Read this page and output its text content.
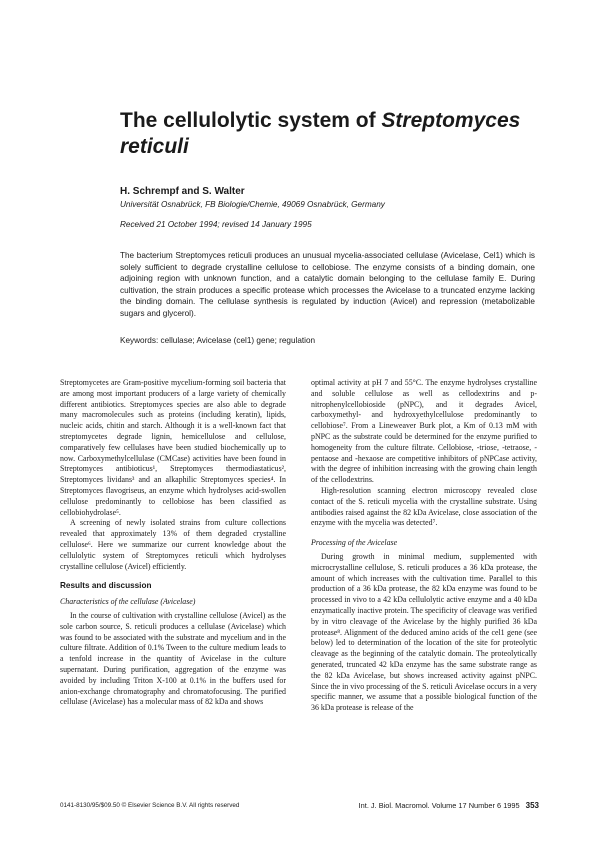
The cellulolytic system of Streptomyces
reticuli
H. Schrempf and S. Walter
Universität Osnabrück, FB Biologie/Chemie, 49069 Osnabrück, Germany
Received 21 October 1994; revised 14 January 1995

The bacterium Streptomyces reticuli produces an unusual mycelia-associated cellulase (Avicelase, Cel1) which is solely sufficient to degrade crystalline cellulose to cellobiose. The enzyme consists of a binding domain, one adjoining region with unknown function, and a catalytic domain belonging to the cellulase family E. During cultivation, the strain produces a specific protease which processes the Avicelase to a truncated enzyme lacking the binding domain. The cellulase synthesis is regulated by induction (Avicel) and repression (metabolizable sugars and glycerol).

Keywords: cellulase; Avicelase (cel1) gene; regulation

Streptomycetes are Gram-positive mycelium-forming soil bacteria that are among most important producers of a large variety of chemically different antibiotics. Streptomyces species are also able to degrade many macromolecules such as proteins (including keratin), lipids, nucleic acids, chitin and starch. Although it is a well-known fact that streptomycetes degrade lignin, hemicellulose and cellulose, comparatively few cellulases have been studied biochemically up to now. Carboxymethylcellulase (CMCase) activities have been found in Streptomyces antibioticus¹, Streptomyces thermodiastaticus², Streptomyces lividans³ and an alkaphilic Streptomyces species⁴. In Streptomyces flavogriseus, an enzyme which hydrolyses acid-swollen cellulose predominantly to cellobiose has been classified as cellobiohydrolase⁵.

A screening of newly isolated strains from culture collections revealed that approximately 13% of them degraded crystalline cellulose⁶. Here we summarize our current knowledge about the cellulolytic system of Streptomyces reticuli which hydrolyses crystalline cellulose (Avicel) efficiently.

Results and discussion
Characteristics of the cellulase (Avicelase)

In the course of cultivation with crystalline cellulose (Avicel) as the sole carbon source, S. reticuli produces a cellulase (Avicelase) which was found to be associated with the substrate and mycelium and in the culture filtrate. Addition of 0.1% Tween to the culture medium leads to a tenfold increase in the quantity of Avicelase in the culture supernatant. During purification, aggregation of the enzyme was avoided by including Triton X-100 at 0.1% in the buffers used for anion-exchange chromatography and chromatofocusing. The purified cellulase (Avicelase) has a molecular mass of 82 kDa and shows

optimal activity at pH 7 and 55°C. The enzyme hydrolyses crystalline and soluble cellulose as well as cellodextrins and p-nitrophenylcellobioside (pNPC), and it degrades Avicel, carboxymethyl- and hydroxyethylcellulose predominantly to cellobiose⁷. From a Lineweaver Burk plot, a Km of 0.13 mM with pNPC as the substrate could be determined for the enzyme purified to homogeneity from the culture filtrate. Cellobiose, -triose, -tetraose, -pentaose and -hexaose are competitive inhibitors of pNPCase activity, with the degree of inhibition increasing with the growing chain length of the cellodextrins.

High-resolution scanning electron microscopy revealed close contact of the S. reticuli mycelia with the crystalline substrate. Using antibodies raised against the 82 kDa Avicelase, close association of the enzyme with the mycelia was detected⁷.

Processing of the Avicelase

During growth in minimal medium, supplemented with microcrystalline cellulose, S. reticuli produces a 36 kDa protease, the amount of which increases with the cultivation time. Parallel to this production of a 36 kDa protease, the 82 kDa enzyme was found to be processed in vivo to a 42 kDa cellulolytic active enzyme and a 40 kDa enzymatically inactive protein. The specificity of cleavage was verified by in vitro cleavage of the Avicelase by the highly purified 36 kDa protease⁸. Alignment of the deduced amino acids of the cel1 gene (see below) led to determination of the location of the site for proteolytic cleavage as the beginning of the catalytic domain. The proteolytically generated, truncated 42 kDa enzyme has the same substrate range as the 82 kDa Avicelase, but shows increased activity against pNPC. Since the in vivo processing of the S. reticuli Avicelase occurs in a very specific manner, we assume that a possible biological function of the 36 kDa protease is release of the

0141-8130/95/$09.50 © Elsevier Science B.V. All rights reserved	Int. J. Biol. Macromol. Volume 17 Number 6 1995 353
